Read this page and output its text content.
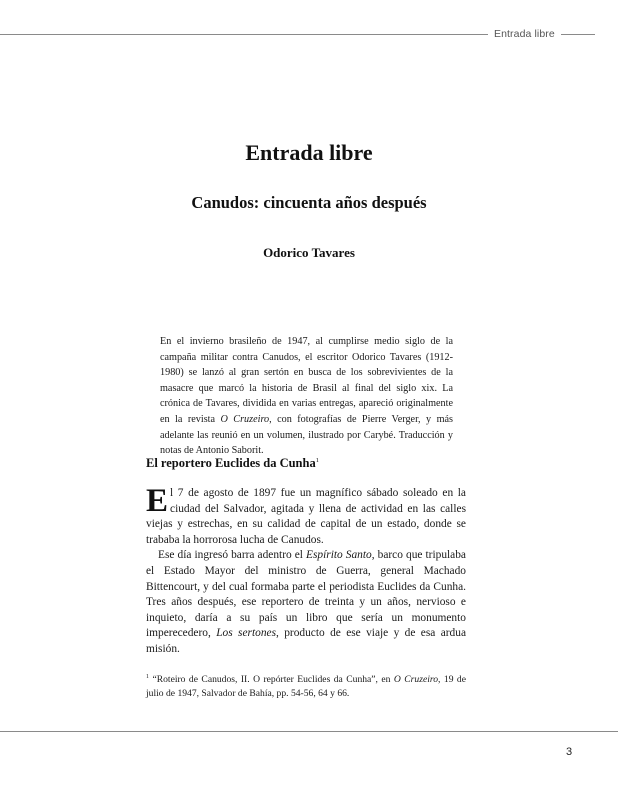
Entrada libre
Entrada libre
Canudos: cincuenta años después
Odorico Tavares
En el invierno brasileño de 1947, al cumplirse medio siglo de la campaña militar contra Canudos, el escritor Odorico Tavares (1912-1980) se lanzó al gran sertón en busca de los sobrevivientes de la masacre que marcó la historia de Brasil al final del siglo xix. La crónica de Tavares, dividida en varias entregas, apareció originalmente en la revista O Cruzeiro, con fotografías de Pierre Verger, y más adelante las reunió en un volumen, ilustrado por Carybé. Traducción y notas de Antonio Saborit.
El reportero Euclides da Cunha$^1$

El 7 de agosto de 1897 fue un magnífico sábado soleado en la ciudad del Salvador, agitada y llena de actividad en las calles viejas y estrechas, en su calidad de capital de un estado, donde se trababa la horrorosa lucha de Canudos.

Ese día ingresó barra adentro el Espírito Santo, barco que tripulaba el Estado Mayor del ministro de Guerra, general Machado Bittencourt, y del cual formaba parte el periodista Euclides da Cunha. Tres años después, ese reportero de treinta y un años, nervioso e inquieto, daría a su país un libro que sería un monumento imperecedero, Los sertones, producto de ese viaje y de esa ardua misión.

$^1$ “Roteiro de Canudos, II. O repórter Euclides da Cunha”, en O Cruzeiro, 19 de julio de 1947, Salvador de Bahía, pp. 54-56, 64 y 66.
3
